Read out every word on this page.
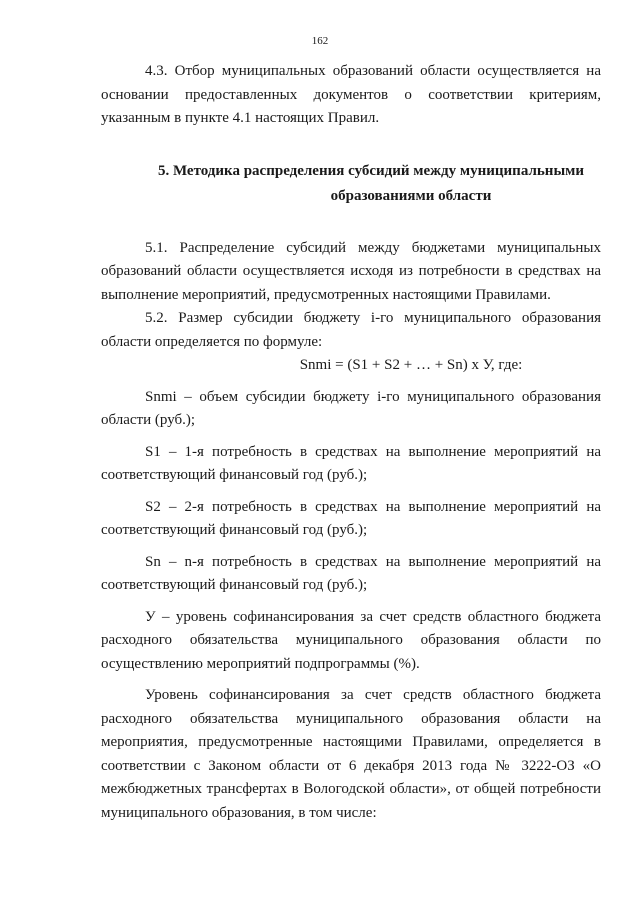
162

4.3. Отбор муниципальных образований области осуществляется на основании предоставленных документов о соответствии критериям, указанным в пункте 4.1 настоящих Правил.

5. Методика распределения субсидий между муниципальными
образованиями области

5.1. Распределение субсидий между бюджетами муниципальных образований области осуществляется исходя из потребности в средствах на выполнение мероприятий, предусмотренных настоящими Правилами.

5.2. Размер субсидии бюджету i-го муниципального образования области определяется по формуле:

Snmi = (S1 + S2 + … + Sn) х У, где:

Snmi – объем субсидии бюджету i-го муниципального образования области (руб.);

S1 – 1-я потребность в средствах на выполнение мероприятий на соответствующий финансовый год (руб.);

S2 – 2-я потребность в средствах на выполнение мероприятий на соответствующий финансовый год (руб.);

Sn – n-я потребность в средствах на выполнение мероприятий на соответствующий финансовый год (руб.);

У – уровень софинансирования за счет средств областного бюджета расходного обязательства муниципального образования области по осуществлению мероприятий подпрограммы (%).

Уровень софинансирования за счет средств областного бюджета расходного обязательства муниципального образования области на мероприятия, предусмотренные настоящими Правилами, определяется в соответствии с Законом области от 6 декабря 2013 года № 3222-ОЗ «О межбюджетных трансфертах в Вологодской области», от общей потребности муниципального образования, в том числе:
